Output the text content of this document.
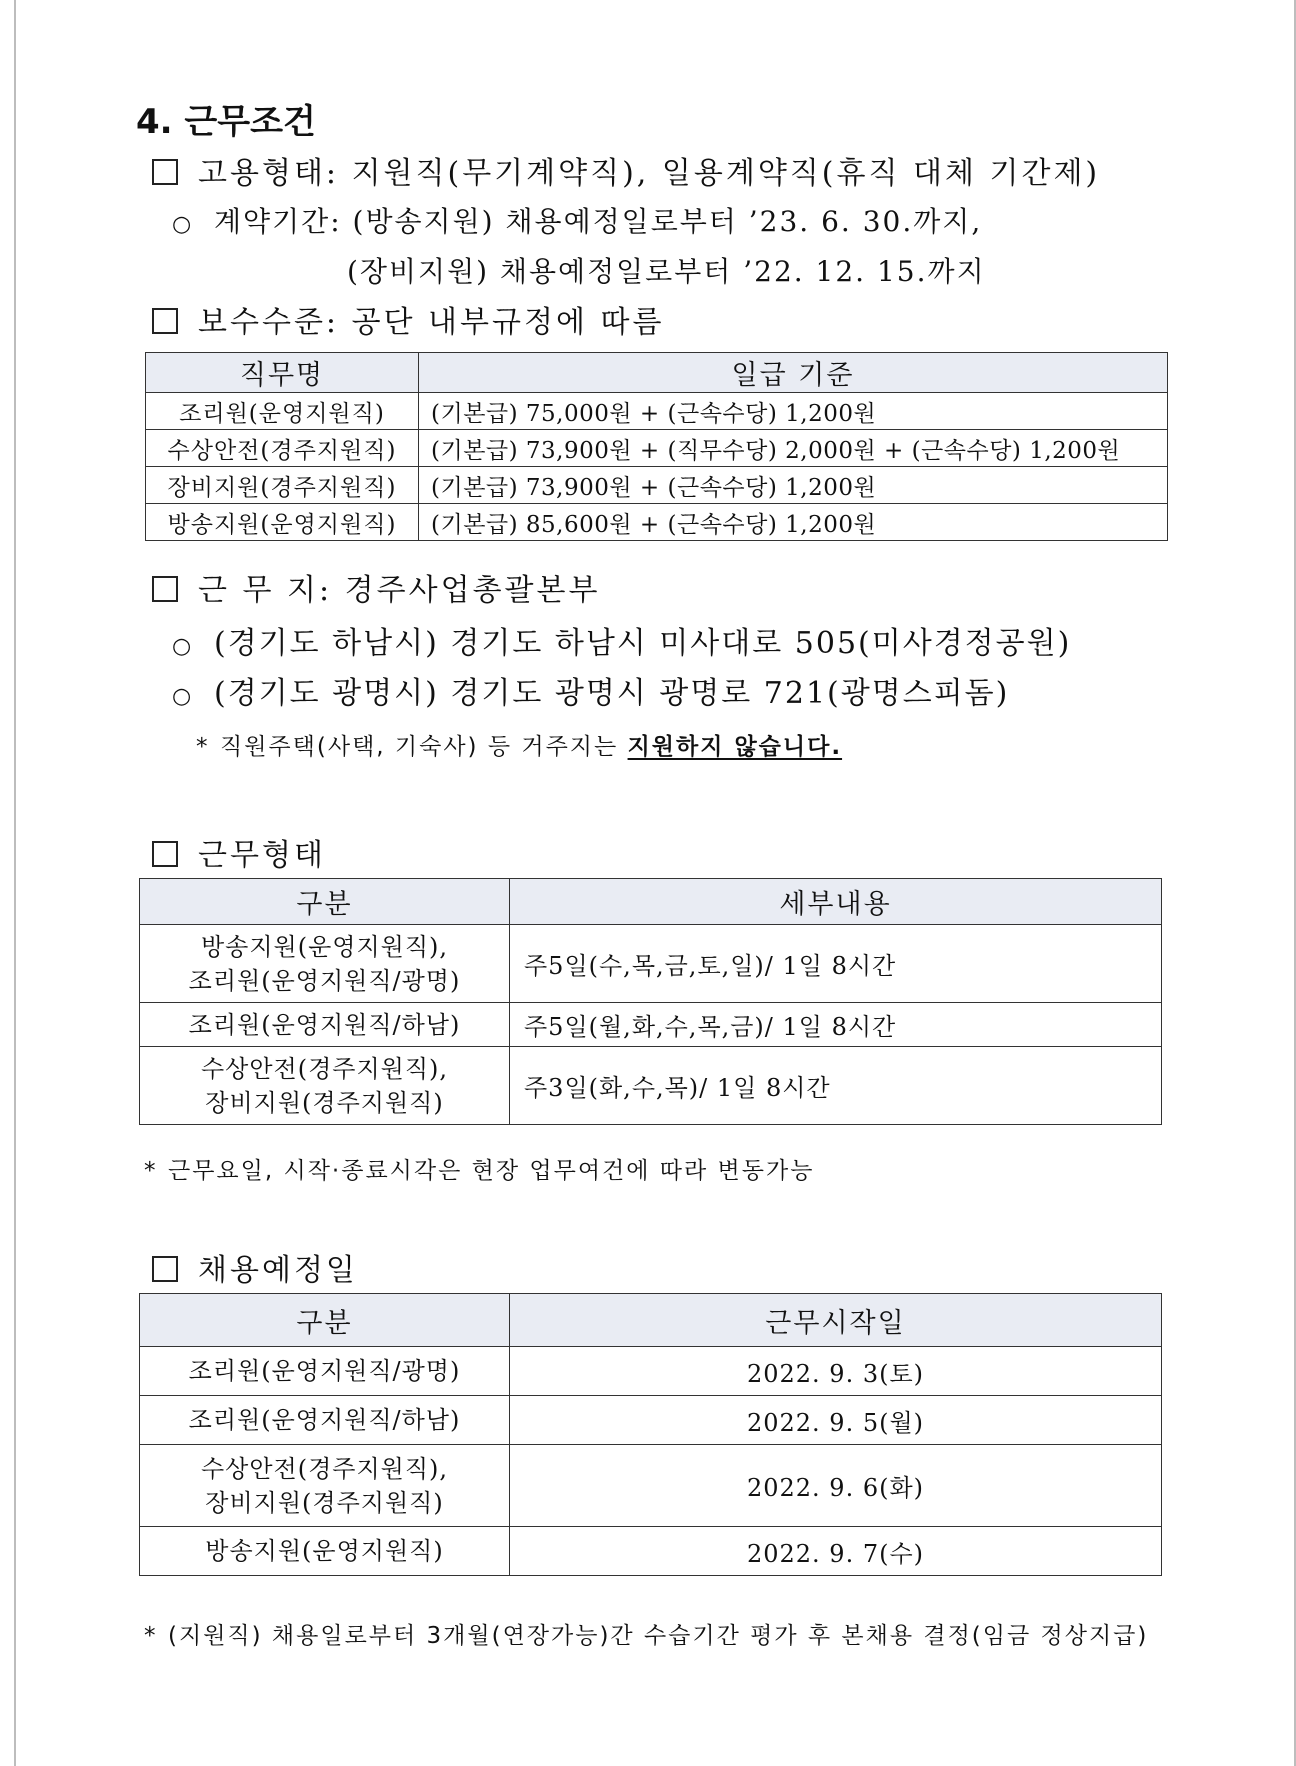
4. 근무조건
고용형태: 지원직(무기계약직), 일용계약직(휴직 대체 기간제)
○ 계약기간: (방송지원) 채용예정일로부터 ’23. 6. 30.까지,
(장비지원) 채용예정일로부터 ’22. 12. 15.까지
보수수준: 공단 내부규정에 따름
직무명	일급 기준
조리원(운영지원직)	(기본급) 75,000원 + (근속수당) 1,200원
수상안전(경주지원직)	(기본급) 73,900원 + (직무수당) 2,000원 + (근속수당) 1,200원
장비지원(경주지원직)	(기본급) 73,900원 + (근속수당) 1,200원
방송지원(운영지원직)	(기본급) 85,600원 + (근속수당) 1,200원
근 무 지: 경주사업총괄본부
○ (경기도 하남시) 경기도 하남시 미사대로 505(미사경정공원)
○ (경기도 광명시) 경기도 광명시 광명로 721(광명스피돔)
* 직원주택(사택, 기숙사) 등 거주지는 지원하지 않습니다.
근무형태
구분	세부내용

방송지원(운영지원직),
조리원(운영지원직/광명)	주5일(수,목,금,토,일)/ 1일 8시간
조리원(운영지원직/하남)	주5일(월,화,수,목,금)/ 1일 8시간

수상안전(경주지원직),
장비지원(경주지원직)	주3일(화,수,목)/ 1일 8시간
* 근무요일, 시작·종료시각은 현장 업무여건에 따라 변동가능
채용예정일
구분	근무시작일
조리원(운영지원직/광명)	2022. 9. 3(토)
조리원(운영지원직/하남)	2022. 9. 5(월)

수상안전(경주지원직),
장비지원(경주지원직)	2022. 9. 6(화)
방송지원(운영지원직)	2022. 9. 7(수)
* (지원직) 채용일로부터 3개월(연장가능)간 수습기간 평가 후 본채용 결정(임금 정상지급)
